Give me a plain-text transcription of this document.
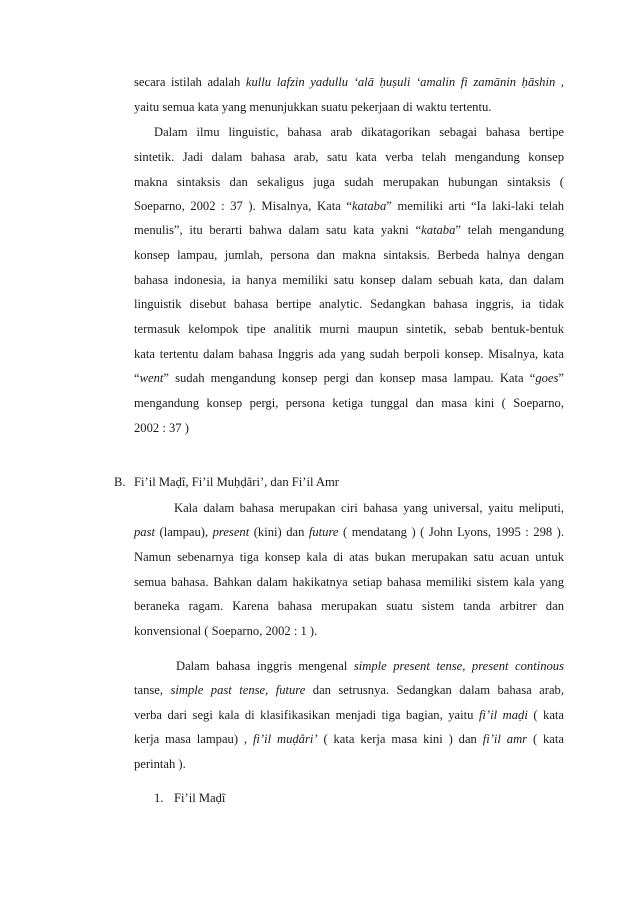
secara istilah adalah kullu lafzin yadullu ‘alā ḥuṣuli ‘amalin fi zamānin ḥāshin ,
yaitu semua kata yang menunjukkan suatu pekerjaan di waktu tertentu.
Dalam ilmu linguistic, bahasa arab dikatagorikan sebagai bahasa bertipe
sintetik. Jadi dalam bahasa arab, satu kata verba telah mengandung konsep
makna sintaksis dan sekaligus juga sudah merupakan hubungan sintaksis (
Soeparno, 2002 : 37 ). Misalnya, Kata “kataba” memiliki arti “Ia laki-laki telah
menulis”, itu berarti bahwa dalam satu kata yakni “kataba” telah mengandung
konsep lampau, jumlah, persona dan makna sintaksis. Berbeda halnya dengan
bahasa indonesia, ia hanya memiliki satu konsep dalam sebuah kata, dan dalam
linguistik disebut bahasa bertipe analytic. Sedangkan bahasa inggris, ia tidak
termasuk kelompok tipe analitik murni maupun sintetik, sebab bentuk-bentuk
kata tertentu dalam bahasa Inggris ada yang sudah berpoli konsep. Misalnya, kata
“went” sudah mengandung konsep pergi dan konsep masa lampau. Kata “goes”
mengandung konsep pergi, persona ketiga tunggal dan masa kini ( Soeparno,
2002 : 37 )
B. Fi’il Maḍî, Fi’il Muḥḍâri’, dan Fi’il Amr
Kala dalam bahasa merupakan ciri bahasa yang universal, yaitu meliputi,
past (lampau), present (kini) dan future ( mendatang ) ( John Lyons, 1995 : 298 ).
Namun sebenarnya tiga konsep kala di atas bukan merupakan satu acuan untuk
semua bahasa. Bahkan dalam hakikatnya setiap bahasa memiliki sistem kala yang
beraneka ragam. Karena bahasa merupakan suatu sistem tanda arbitrer dan
konvensional ( Soeparno, 2002 : 1 ).
Dalam bahasa inggris mengenal simple present tense, present continous
tanse, simple past tense, future dan setrusnya. Sedangkan dalam bahasa arab,
verba dari segi kala di klasifikasikan menjadi tiga bagian, yaitu fi’il maḍi ( kata
kerja masa lampau) , fi’il muḍâri’ ( kata kerja masa kini ) dan fi’il amr ( kata
perintah ).
1. Fi’il Maḍî
